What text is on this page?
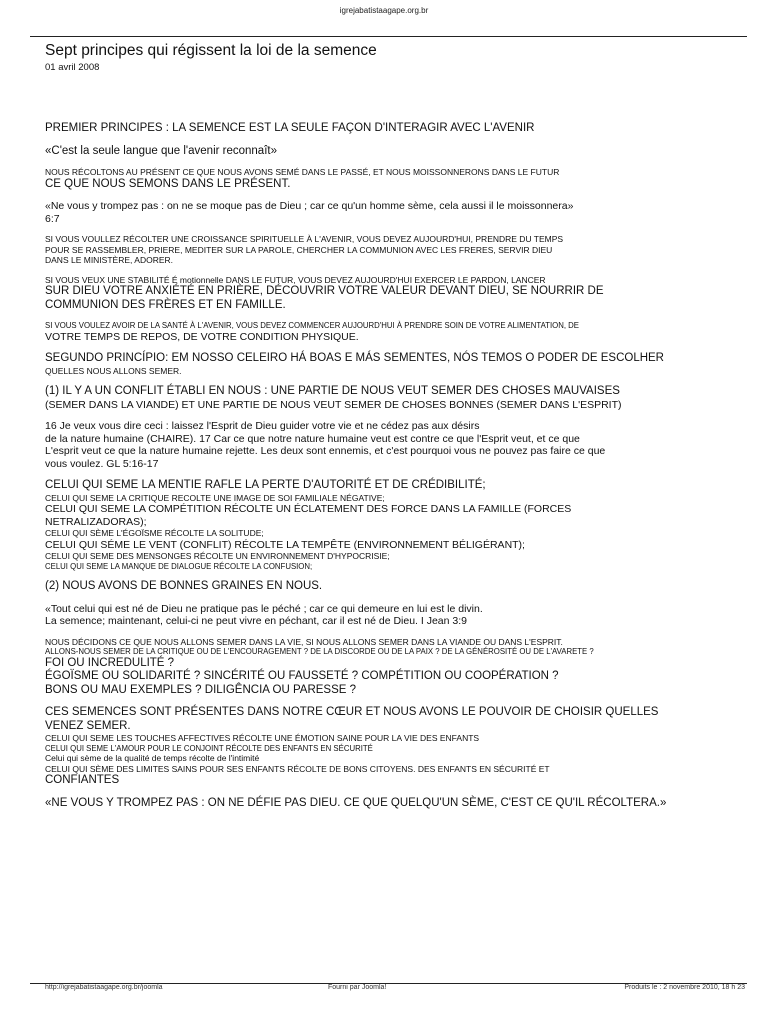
igrejabatistaagape.org.br
Sept principes qui régissent la loi de la semence
01 avril 2008

PREMIER PRINCIPES : LA SEMENCE EST LA SEULE FAÇON D'INTERAGIR AVEC L'AVENIR

«C'est la seule langue que l'avenir reconnaît»

NOUS RÉCOLTONS AU PRÉSENT CE QUE NOUS AVONS SEMÉ DANS LE PASSÉ, ET NOUS MOISSONNERONS DANS LE FUTUR

CE QUE NOUS SEMONS DANS LE PRÉSENT.

«Ne vous y trompez pas : on ne se moque pas de Dieu ; car ce qu'un homme sème, cela aussi il le moissonnera»

6:7

SI VOUS VOULLEZ RÉCOLTER UNE CROISSANCE SPIRITUELLE À L'AVENIR, VOUS DEVEZ AUJOURD'HUI, PRENDRE DU TEMPS

POUR SE RASSEMBLER, PRIERE, MEDITER SUR LA PAROLE, CHERCHER LA COMMUNION AVEC LES FRERES, SERVIR DIEU

DANS LE MINISTÈRE, ADORER.

SI VOUS VEUX UNE STABILITÉ É motionnelle DANS LE FUTUR, VOUS DEVEZ AUJOURD'HUI EXERCER LE PARDON, LANCER

SUR DIEU VOTRE ANXIÉTÉ EN PRIÈRE, DÉCOUVRIR VOTRE VALEUR DEVANT DIEU, SE NOURRIR DE

COMMUNION DES FRÈRES ET EN FAMILLE.

SI VOUS VOULEZ AVOIR DE LA SANTÉ À L'AVENIR, VOUS DEVEZ COMMENCER AUJOURD'HUI À PRENDRE SOIN DE VOTRE ALIMENTATION, DE

VOTRE TEMPS DE REPOS, DE VOTRE CONDITION PHYSIQUE.

SEGUNDO PRINCÍPIO: EM NOSSO CELEIRO HÁ BOAS E MÁS SEMENTES, NÓS TEMOS O PODER DE ESCOLHER

QUELLES NOUS ALLONS SEMER.

(1) IL Y A UN CONFLIT ÉTABLI EN NOUS : UNE PARTIE DE NOUS VEUT SEMER DES CHOSES MAUVAISES

(SEMER DANS LA VIANDE) ET UNE PARTIE DE NOUS VEUT SEMER DE CHOSES BONNES (SEMER DANS L'ESPRIT)

16 Je veux vous dire ceci : laissez l'Esprit de Dieu guider votre vie et ne cédez pas aux désirs

de la nature humaine (CHAIRE). 17 Car ce que notre nature humaine veut est contre ce que l'Esprit veut, et ce que

L'esprit veut ce que la nature humaine rejette. Les deux sont ennemis, et c'est pourquoi vous ne pouvez pas faire ce que

vous voulez. GL 5:16-17

CELUI QUI SEME LA MENTIE RAFLE LA PERTE D'AUTORITÉ ET DE CRÉDIBILITÉ;

CELUI QUI SEME LA CRITIQUE RECOLTE UNE IMAGE DE SOI FAMILIALE NÉGATIVE;

CELUI QUI SEME LA COMPÉTITION RÉCOLTE UN ÉCLATEMENT DES FORCE DANS LA FAMILLE (FORCES

NETRALIZADORAS);

CELUI QUI SÈME L'ÉGOÏSME RÉCOLTE LA SOLITUDE;

CELUI QUI SÉME LE VENT (CONFLIT) RÉCOLTE LA TEMPÊTE (ENVIRONNEMENT BÉLIGÉRANT);

CELUI QUI SEME DES MENSONGES RÉCOLTE UN ENVIRONNEMENT D'HYPOCRISIE;

CELUI QUI SEME LA MANQUE DE DIALOGUE RÉCOLTE LA CONFUSION;

(2) NOUS AVONS DE BONNES GRAINES EN NOUS.

«Tout celui qui est né de Dieu ne pratique pas le péché ; car ce qui demeure en lui est le divin.

La semence; maintenant, celui-ci ne peut vivre en péchant, car il est né de Dieu. I Jean 3:9

NOUS DÉCIDONS CE QUE NOUS ALLONS SEMER DANS LA VIE, SI NOUS ALLONS SEMER DANS LA VIANDE OU DANS L'ESPRIT.

ALLONS-NOUS SEMER DE LA CRITIQUE OU DE L'ENCOURAGEMENT ? DE LA DISCORDE OU DE LA PAIX ? DE LA GÉNÉROSITÉ OU DE L'AVARETE ?

FOI OU INCREDULITÉ ?

ÉGOÏSME OU SOLIDARITÉ ? SINCÉRITÉ OU FAUSSETÉ ? COMPÉTITION OU COOPÉRATION ?

BONS OU MAU EXEMPLES ? DILIGÊNCIA OU PARESSE ?

CES SEMENCES SONT PRÉSENTES DANS NOTRE CŒUR ET NOUS AVONS LE POUVOIR DE CHOISIR QUELLES

VENEZ SEMER.

CELUI QUI SEME LES TOUCHES AFFECTIVES RÉCOLTE UNE ÉMOTION SAINE POUR LA VIE DES ENFANTS

CELUI QUI SEME L'AMOUR POUR LE CONJOINT RÉCOLTE DES ENFANTS EN SÉCURITÉ

Celui qui sème de la qualité de temps récolte de l'intimité

CELUI QUI SÈME DES LIMITES SAINS POUR SES ENFANTS RÉCOLTE DE BONS CITOYENS. DES ENFANTS EN SÉCURITÉ ET

CONFIANTES

«NE VOUS Y TROMPEZ PAS : ON NE DÉFIE PAS DIEU. CE QUE QUELQU'UN SÈME, C'EST CE QU'IL RÉCOLTERA.»

http://igrejabatistaagape.org.br/joomla	Fourni par Joomla!	Produits le : 2 novembre 2010, 18 h 23
